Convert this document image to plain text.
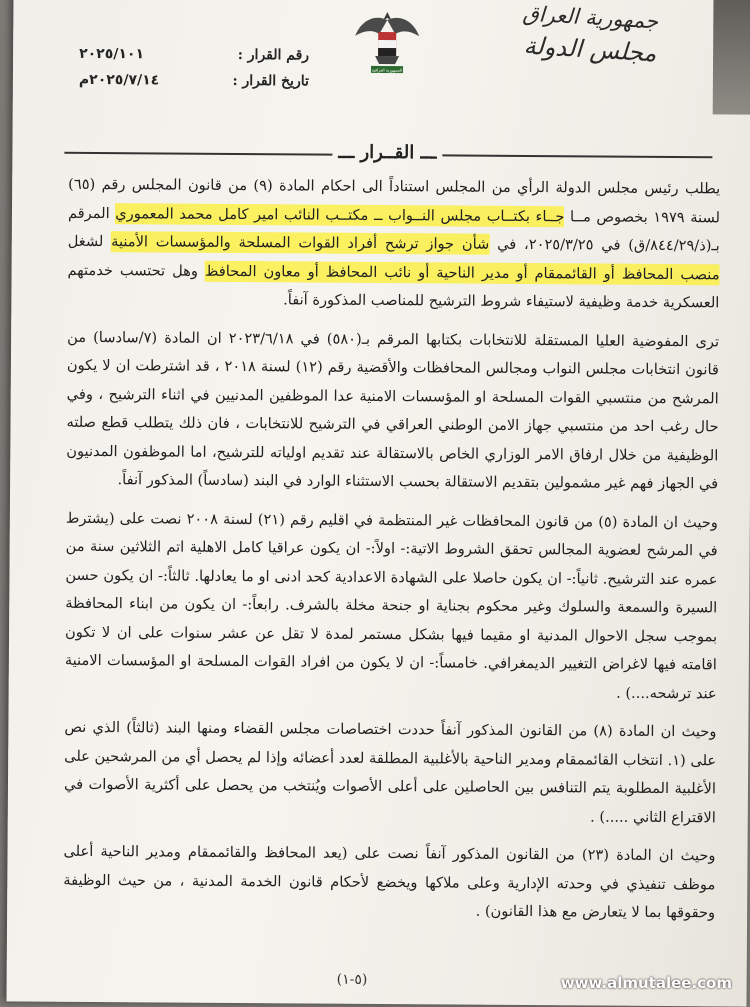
جمهورية العراق
مجلس الدولة
الجمهورية العراقية
رقم القرار :
٢٠٢٥/١٠١
تاريخ القرار :
٢٠٢٥/٧/١٤م
ـــ القــرار ـــ

يطلب رئيس مجلس الدولة الرأي من المجلس استناداً الى احكام المادة (٩) من قانون المجلس رقم (٦٥) لسنة ١٩٧٩ بخصوص مــا جــاء بكتــاب مجلس النــواب ــ مكتــب النائب امير كامل محمد المعموري المرقم بـ(ذ/٨٤٤/٢٩/ق) في ٢٠٢٥/٣/٢٥، في شأن جواز ترشح أفراد القوات المسلحة والمؤسسات الأمنية لشغل منصب المحافظ أو القائممقام أو مدير الناحية أو نائب المحافظ أو معاون المحافظ وهل تحتسب خدمتهم العسكرية خدمة وظيفية لاستيفاء شروط الترشيح للمناصب المذكورة آنفاً.

ترى المفوضية العليا المستقلة للانتخابات بكتابها المرقم بـ(٥٨٠) في ٢٠٢٣/٦/١٨ ان المادة (٧/سادسا) من قانون انتخابات مجلس النواب ومجالس المحافظات والأقضية رقم (١٢) لسنة ٢٠١٨ ، قد اشترطت ان لا يكون المرشح من منتسبي القوات المسلحة او المؤسسات الامنية عدا الموظفين المدنيين في اثناء الترشيح ، وفي حال رغب احد من منتسبي جهاز الامن الوطني العراقي في الترشيح للانتخابات ، فان ذلك يتطلب قطع صلته الوظيفية من خلال ارفاق الامر الوزاري الخاص بالاستقالة عند تقديم اولياته للترشيح، اما الموظفون المدنيون في الجهاز فهم غير مشمولين بتقديم الاستقالة بحسب الاستثناء الوارد في البند (سادساً) المذكور آنفاً.

وحيث ان المادة (٥) من قانون المحافظات غير المنتظمة في اقليم رقم (٢١) لسنة ٢٠٠٨ نصت على (يشترط في المرشح لعضوية المجالس تحقق الشروط الاتية:- اولاً:- ان يكون عراقيا كامل الاهلية اتم الثلاثين سنة من عمره عند الترشيح. ثانياً:- ان يكون حاصلا على الشهادة الاعدادية كحد ادنى او ما يعادلها. ثالثاً:- ان يكون حسن السيرة والسمعة والسلوك وغير محكوم بجناية او جنحة مخلة بالشرف. رابعاً:- ان يكون من ابناء المحافظة بموجب سجل الاحوال المدنية او مقيما فيها بشكل مستمر لمدة لا تقل عن عشر سنوات على ان لا تكون اقامته فيها لاغراض التغيير الديمغرافي. خامساً:- ان لا يكون من افراد القوات المسلحة او المؤسسات الامنية عند ترشحه....) .

وحيث ان المادة (٨) من القانون المذكور آنفاً حددت اختصاصات مجلس القضاء ومنها البند (ثالثاً) الذي نص على (١. انتخاب القائممقام ومدير الناحية بالأغلبية المطلقة لعدد أعضائه وإذا لم يحصل أي من المرشحين على الأغلبية المطلوبة يتم التنافس بين الحاصلين على أعلى الأصوات ويُنتخب من يحصل على أكثرية الأصوات في الاقتراع الثاني .....) .

وحيث ان المادة (٢٣) من القانون المذكور آنفاً نصت على (يعد المحافظ والقائممقام ومدير الناحية أعلى موظف تنفيذي في وحدته الإدارية وعلى ملاكها ويخضع لأحكام قانون الخدمة المدنية ، من حيث الوظيفة وحقوقها بما لا يتعارض مع هذا القانون) .

(٥-١)
www.almutalee.com
